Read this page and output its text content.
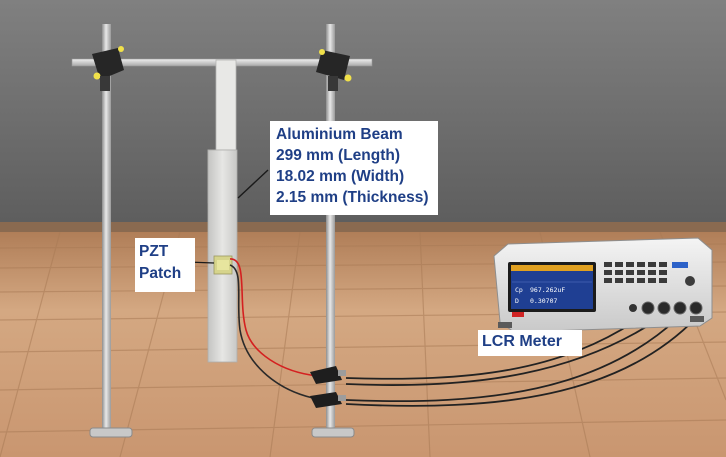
Cp 967.262uF
D 0.30707
Aluminium Beam
299 mm (Length)
18.02 mm (Width)
2.15 mm (Thickness)
PZT
Patch
LCR Meter
